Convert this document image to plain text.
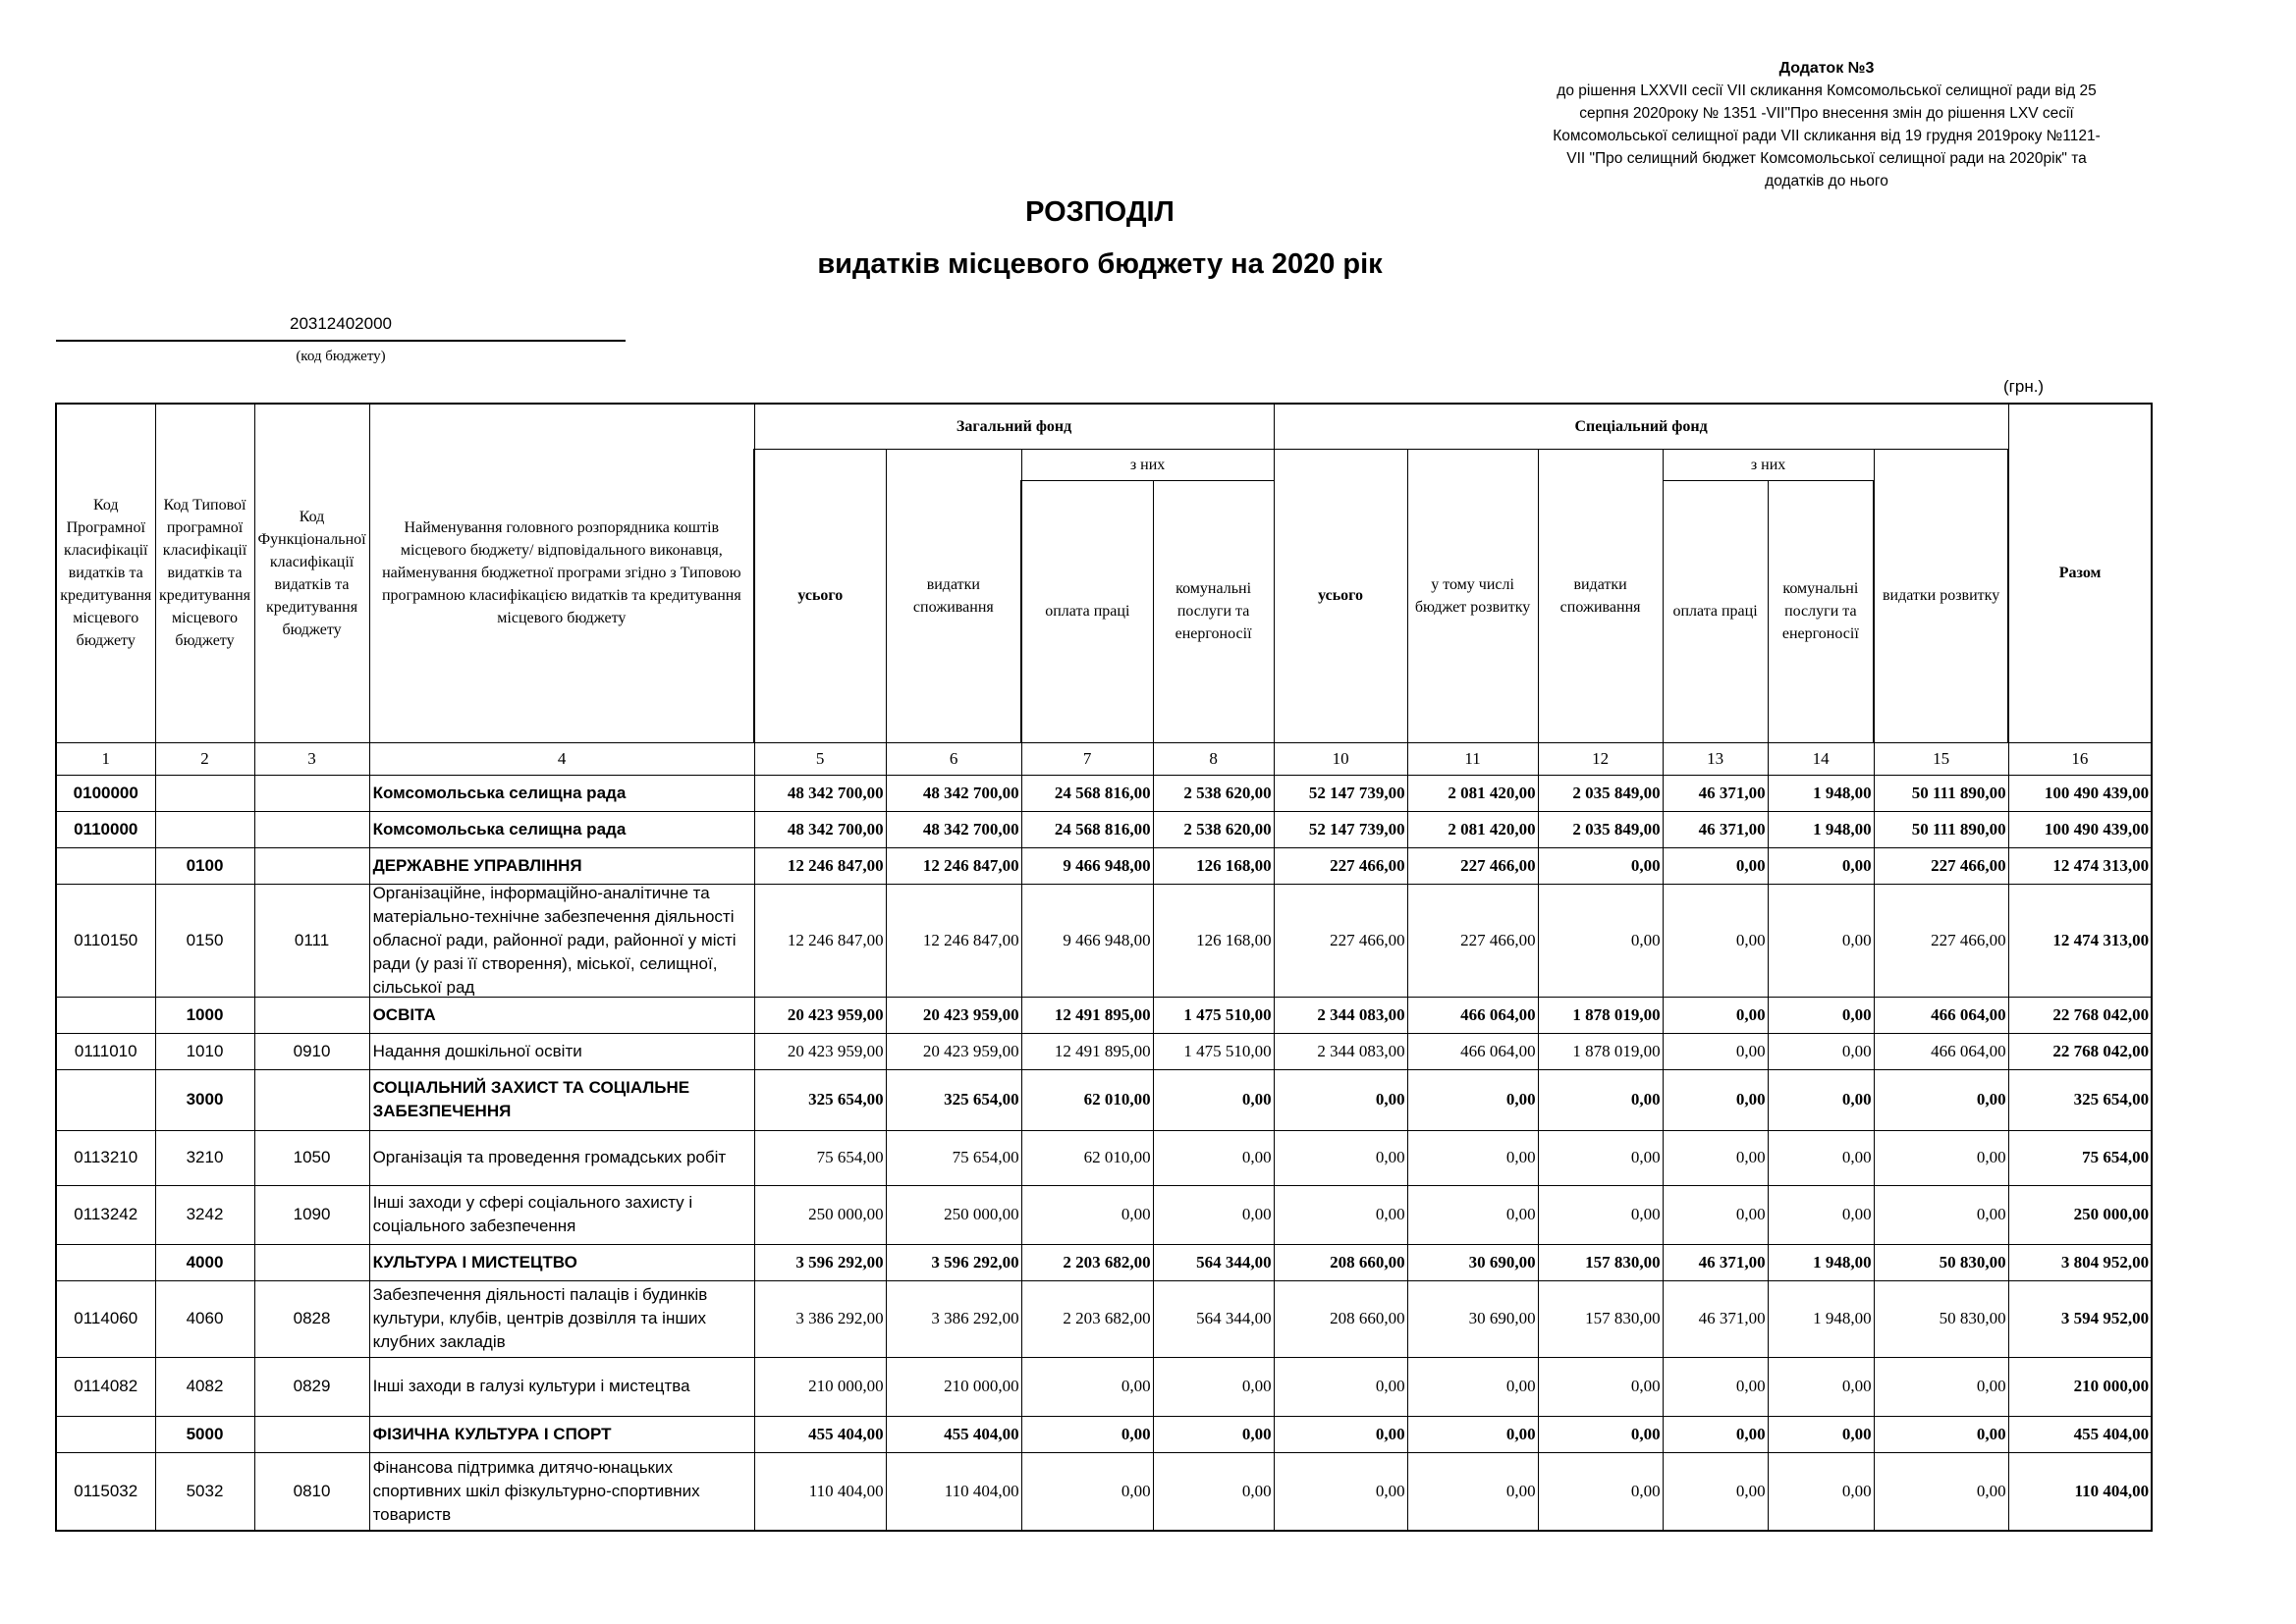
Додаток №3
до рішення LXXVII сесії VII скликання Комсомольської селищної ради від 25
серпня 2020року № 1351 -VII"Про внесення змін до рішення LXV сесії
Комсомольської селищної ради VII скликання від 19 грудня 2019року №1121-
VII "Про селищний бюджет Комсомольської селищної ради на 2020рік" та
додатків до нього
РОЗПОДІЛ
видатків місцевого бюджету на 2020 рік
20312402000
(код бюджету)
(грн.)
Код Програмної класифікації видатків та кредитування місцевого бюджету	Код Типової програмної класифікації видатків та кредитування місцевого бюджету	Код Функціональної класифікації видатків та кредитування бюджету	Найменування головного розпорядника коштів місцевого бюджету/ відповідального виконавця, найменування бюджетної програми згідно з Типовою програмною класифікацією видатків та кредитування місцевого бюджету	Загальний фонд				Спеціальний фонд						Разом
				усього	видатки споживання	з них		усього	у тому числі бюджет розвитку	видатки споживання	з них		видатки розвитку	
						оплата праці	комунальні послуги та енергоносії				оплата праці	комунальні послуги та енергоносії		
1	2	3	4	5	6	7	8	10	11	12	13	14	15	16
0100000			Комсомольська селищна рада	48 342 700,00	48 342 700,00	24 568 816,00	2 538 620,00	52 147 739,00	2 081 420,00	2 035 849,00	46 371,00	1 948,00	50 111 890,00	100 490 439,00
0110000			Комсомольська селищна рада	48 342 700,00	48 342 700,00	24 568 816,00	2 538 620,00	52 147 739,00	2 081 420,00	2 035 849,00	46 371,00	1 948,00	50 111 890,00	100 490 439,00
	0100		ДЕРЖАВНЕ УПРАВЛІННЯ	12 246 847,00	12 246 847,00	9 466 948,00	126 168,00	227 466,00	227 466,00	0,00	0,00	0,00	227 466,00	12 474 313,00
0110150	0150	0111	Організаційне, інформаційно-аналітичне та матеріально-технічне забезпечення діяльності обласної ради, районної ради, районної у місті ради (у разі її створення), міської, селищної, сільської рад	12 246 847,00	12 246 847,00	9 466 948,00	126 168,00	227 466,00	227 466,00	0,00	0,00	0,00	227 466,00	12 474 313,00
	1000		ОСВІТА	20 423 959,00	20 423 959,00	12 491 895,00	1 475 510,00	2 344 083,00	466 064,00	1 878 019,00	0,00	0,00	466 064,00	22 768 042,00
0111010	1010	0910	Надання дошкільної освіти	20 423 959,00	20 423 959,00	12 491 895,00	1 475 510,00	2 344 083,00	466 064,00	1 878 019,00	0,00	0,00	466 064,00	22 768 042,00
	3000		СОЦІАЛЬНИЙ ЗАХИСТ ТА СОЦІАЛЬНЕ ЗАБЕЗПЕЧЕННЯ	325 654,00	325 654,00	62 010,00	0,00	0,00	0,00	0,00	0,00	0,00	0,00	325 654,00
0113210	3210	1050	Організація та проведення громадських робіт	75 654,00	75 654,00	62 010,00	0,00	0,00	0,00	0,00	0,00	0,00	0,00	75 654,00
0113242	3242	1090	Інші заходи у сфері соціального захисту і соціального забезпечення	250 000,00	250 000,00	0,00	0,00	0,00	0,00	0,00	0,00	0,00	0,00	250 000,00
	4000		КУЛЬТУРА І МИСТЕЦТВО	3 596 292,00	3 596 292,00	2 203 682,00	564 344,00	208 660,00	30 690,00	157 830,00	46 371,00	1 948,00	50 830,00	3 804 952,00
0114060	4060	0828	Забезпечення діяльності палаців і будинків культури, клубів, центрів дозвілля та інших клубних закладів	3 386 292,00	3 386 292,00	2 203 682,00	564 344,00	208 660,00	30 690,00	157 830,00	46 371,00	1 948,00	50 830,00	3 594 952,00
0114082	4082	0829	Інші заходи в галузі культури і мистецтва	210 000,00	210 000,00	0,00	0,00	0,00	0,00	0,00	0,00	0,00	0,00	210 000,00
	5000		ФІЗИЧНА КУЛЬТУРА І СПОРТ	455 404,00	455 404,00	0,00	0,00	0,00	0,00	0,00	0,00	0,00	0,00	455 404,00
0115032	5032	0810	Фінансова підтримка дитячо-юнацьких спортивних шкіл фізкультурно-спортивних товариств	110 404,00	110 404,00	0,00	0,00	0,00	0,00	0,00	0,00	0,00	0,00	110 404,00
